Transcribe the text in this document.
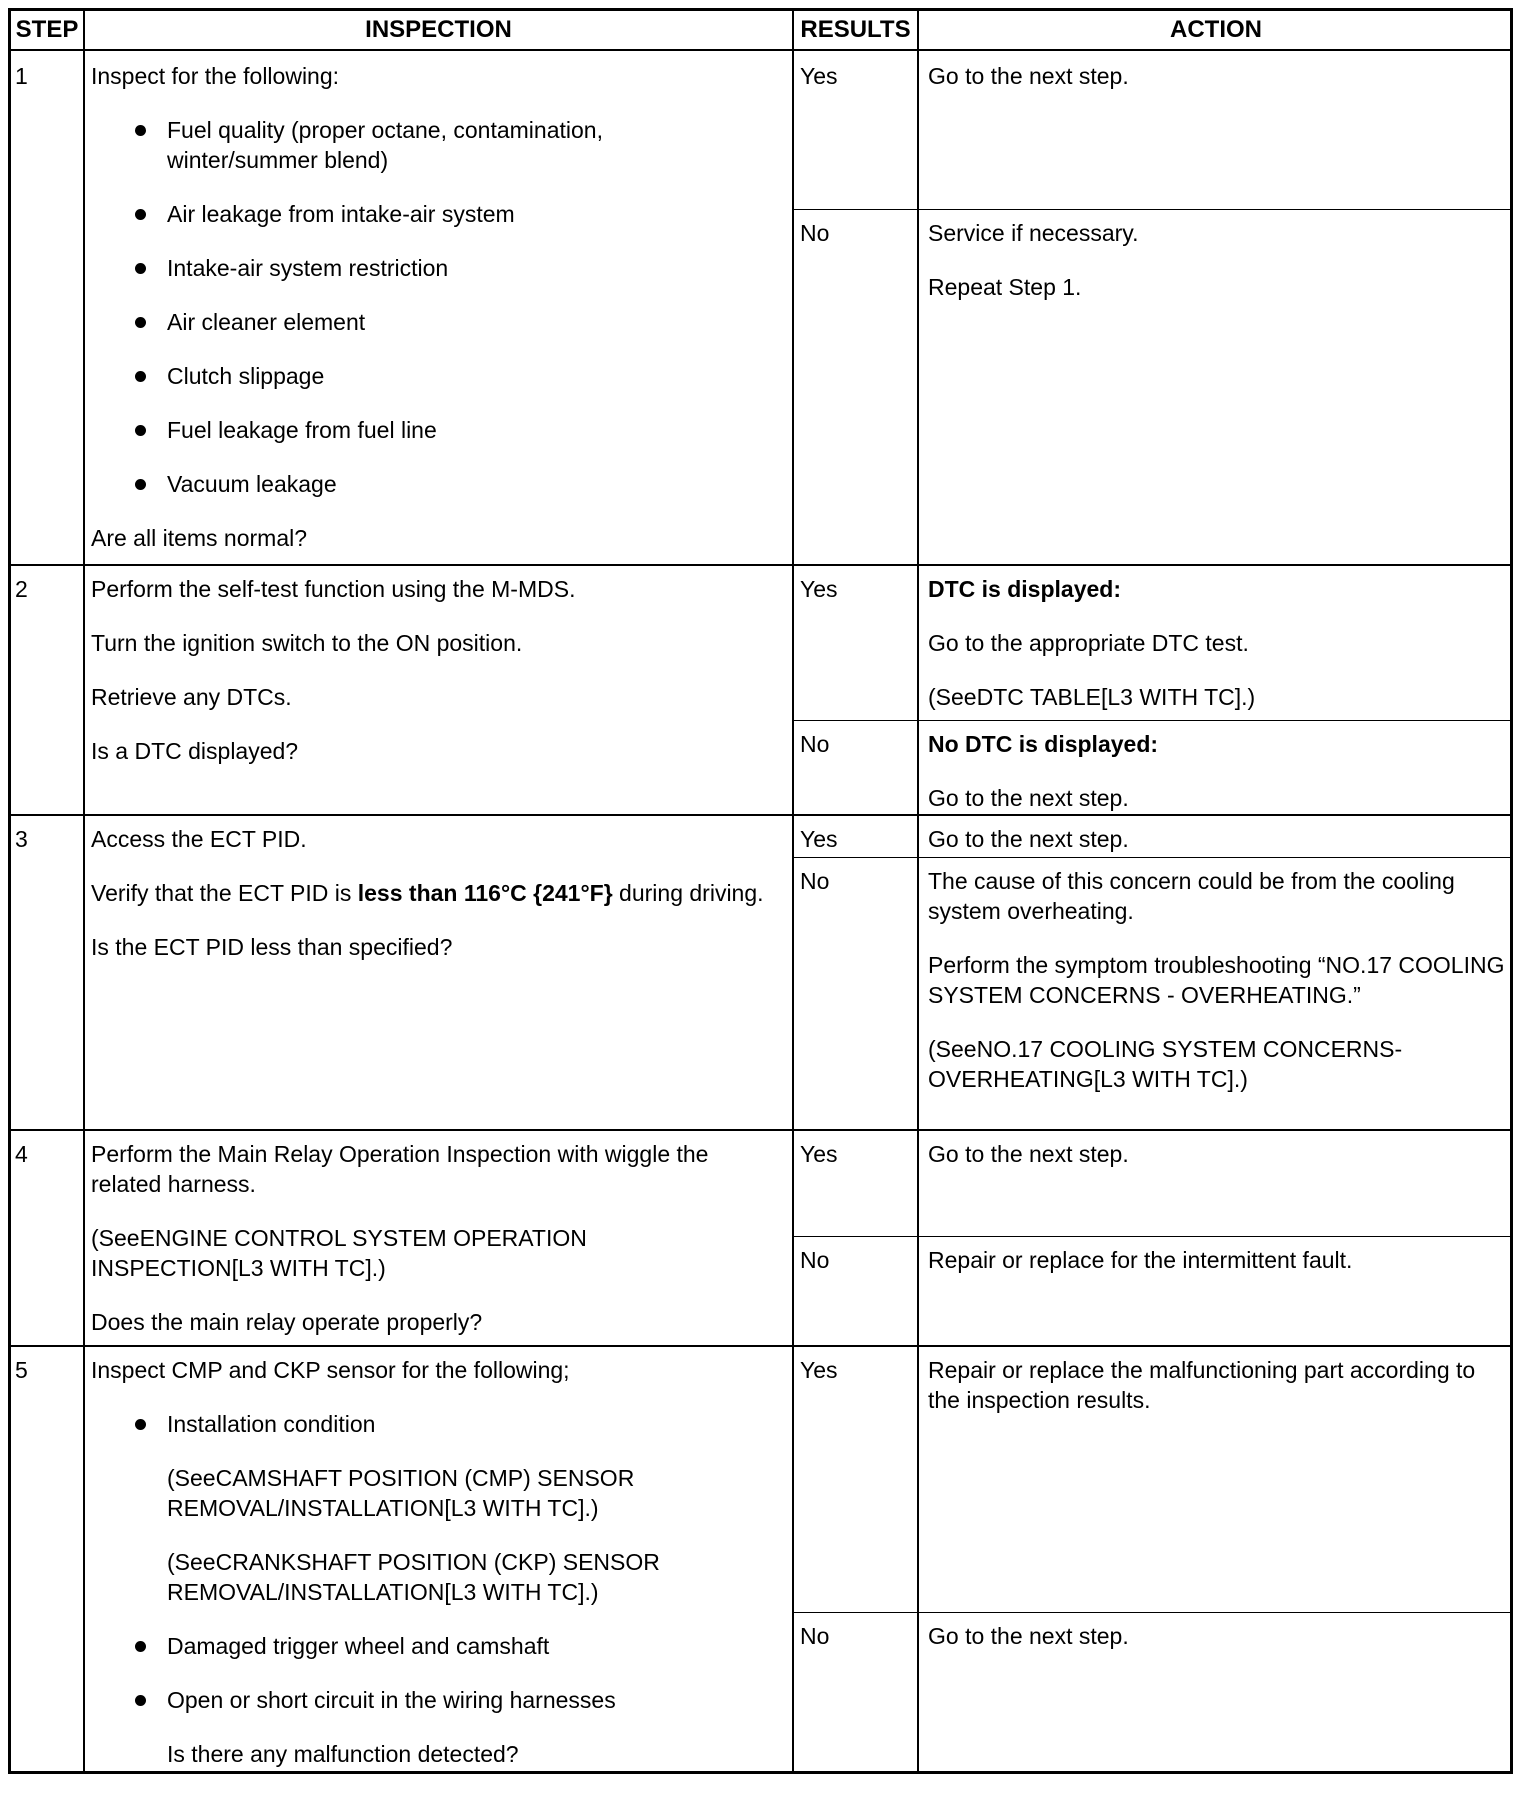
STEP	INSPECTION	RESULTS	ACTION
1	Inspect for the following:
Fuel quality (proper octane, contamination, winter/summer blend)
Air leakage from intake-air system
Intake-air system restriction
Air cleaner element
Clutch slippage
Fuel leakage from fuel line
Vacuum leakage
Are all items normal?
Yes	Go to the next step.
No	Service if necessary.
Repeat Step 1.
2	Perform the self-test function using the M-MDS.
Turn the ignition switch to the ON position.
Retrieve any DTCs.
Is a DTC displayed?
Yes	DTC is displayed:
Go to the appropriate DTC test.
(SeeDTC TABLE[L3 WITH TC].)
No	No DTC is displayed:
Go to the next step.
3	Access the ECT PID.
Verify that the ECT PID is less than 116°C {241°F} during driving.
Is the ECT PID less than specified?
Yes	Go to the next step.
No	The cause of this concern could be from the cooling system overheating.
Perform the symptom troubleshooting “NO.17 COOLING SYSTEM CONCERNS - OVERHEATING.”
(SeeNO.17 COOLING SYSTEM CONCERNS-OVERHEATING[L3 WITH TC].)
4	Perform the Main Relay Operation Inspection with wiggle the related harness.
(SeeENGINE CONTROL SYSTEM OPERATION INSPECTION[L3 WITH TC].)
Does the main relay operate properly?
Yes	Go to the next step.
No	Repair or replace for the intermittent fault.
5	Inspect CMP and CKP sensor for the following;
Installation condition
(SeeCAMSHAFT POSITION (CMP) SENSOR REMOVAL/INSTALLATION[L3 WITH TC].)
(SeeCRANKSHAFT POSITION (CKP) SENSOR REMOVAL/INSTALLATION[L3 WITH TC].)
Damaged trigger wheel and camshaft
Open or short circuit in the wiring harnesses
Is there any malfunction detected?
Yes	Repair or replace the malfunctioning part according to the inspection results.
No	Go to the next step.
